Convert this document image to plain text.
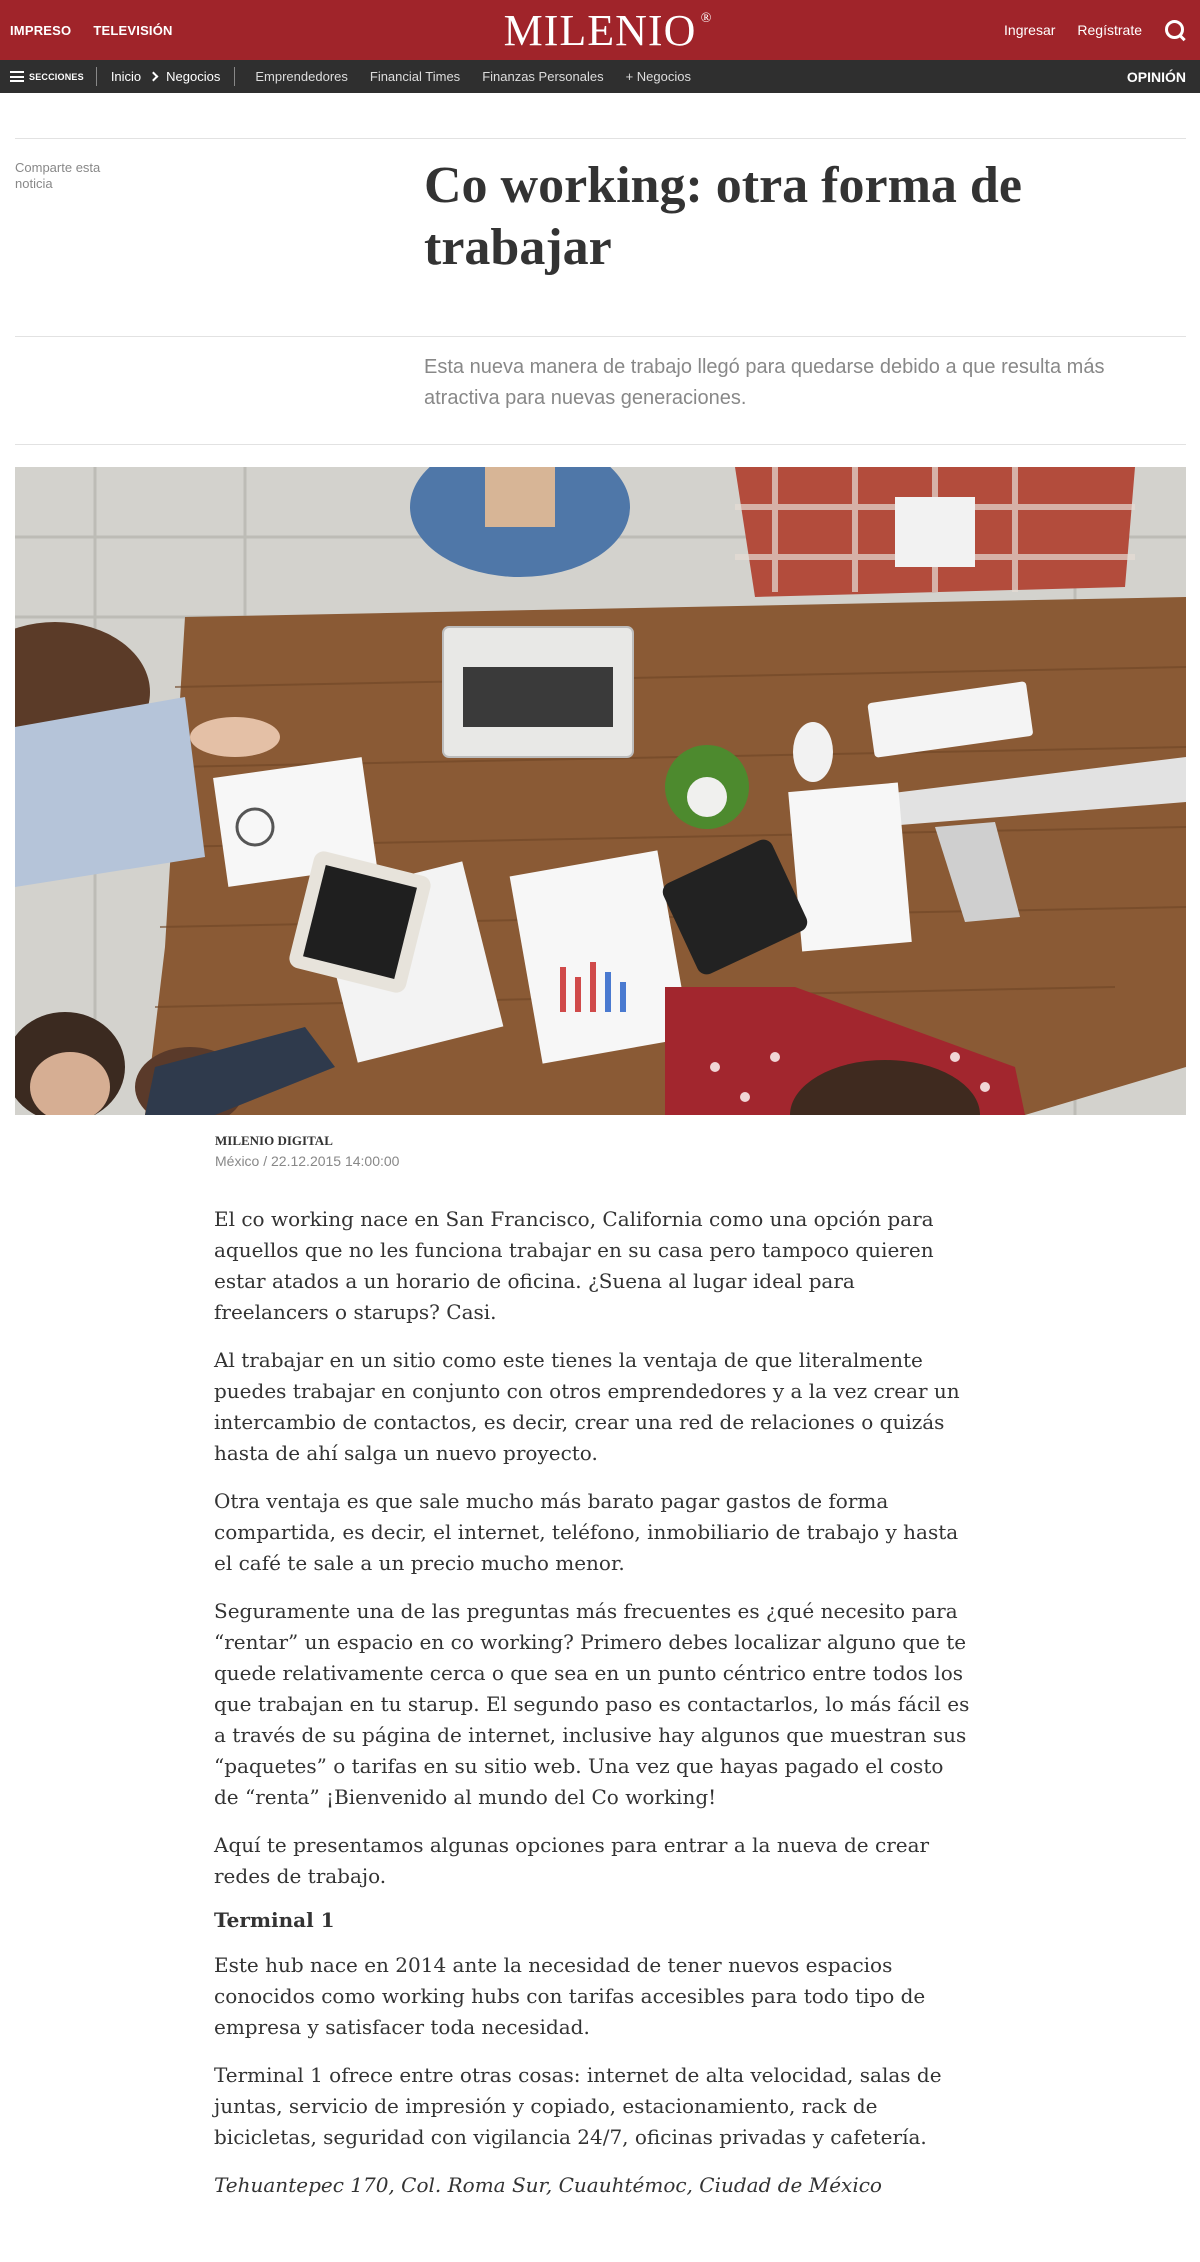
IMPRESO TELEVISIÓN	MILENIO ®
Ingresar Regístrate
SECCIONES Inicio Negocios	Emprendedores Financial Times Finanzas Personales + Negocios	OPINIÓN
Comparte esta noticia	Co working: otra forma de trabajar
Esta nueva manera de trabajo llegó para quedarse debido a que resulta más atractiva para nuevas generaciones.
MILENIO DIGITAL
México / 22.12.2015 14:00:00

El co working nace en San Francisco, California como una opción para aquellos que no les funciona trabajar en su casa pero tampoco quieren estar atados a un horario de oficina. ¿Suena al lugar ideal para freelancers o starups? Casi.

Al trabajar en un sitio como este tienes la ventaja de que literalmente puedes trabajar en conjunto con otros emprendedores y a la vez crear un intercambio de contactos, es decir, crear una red de relaciones o quizás hasta de ahí salga un nuevo proyecto.

Otra ventaja es que sale mucho más barato pagar gastos de forma compartida, es decir, el internet, teléfono, inmobiliario de trabajo y hasta el café te sale a un precio mucho menor.

Seguramente una de las preguntas más frecuentes es ¿qué necesito para “rentar” un espacio en co working? Primero debes localizar alguno que te quede relativamente cerca o que sea en un punto céntrico entre todos los que trabajan en tu starup. El segundo paso es contactarlos, lo más fácil es a través de su página de internet, inclusive hay algunos que muestran sus “paquetes” o tarifas en su sitio web. Una vez que hayas pagado el costo de “renta” ¡Bienvenido al mundo del Co working!

Aquí te presentamos algunas opciones para entrar a la nueva de crear redes de trabajo.

Terminal 1

Este hub nace en 2014 ante la necesidad de tener nuevos espacios conocidos como working hubs con tarifas accesibles para todo tipo de empresa y satisfacer toda necesidad.

Terminal 1 ofrece entre otras cosas: internet de alta velocidad, salas de juntas, servicio de impresión y copiado, estacionamiento, rack de bicicletas, seguridad con vigilancia 24/7, oficinas privadas y cafetería.

Tehuantepec 170, Col. Roma Sur, Cuauhtémoc, Ciudad de México
